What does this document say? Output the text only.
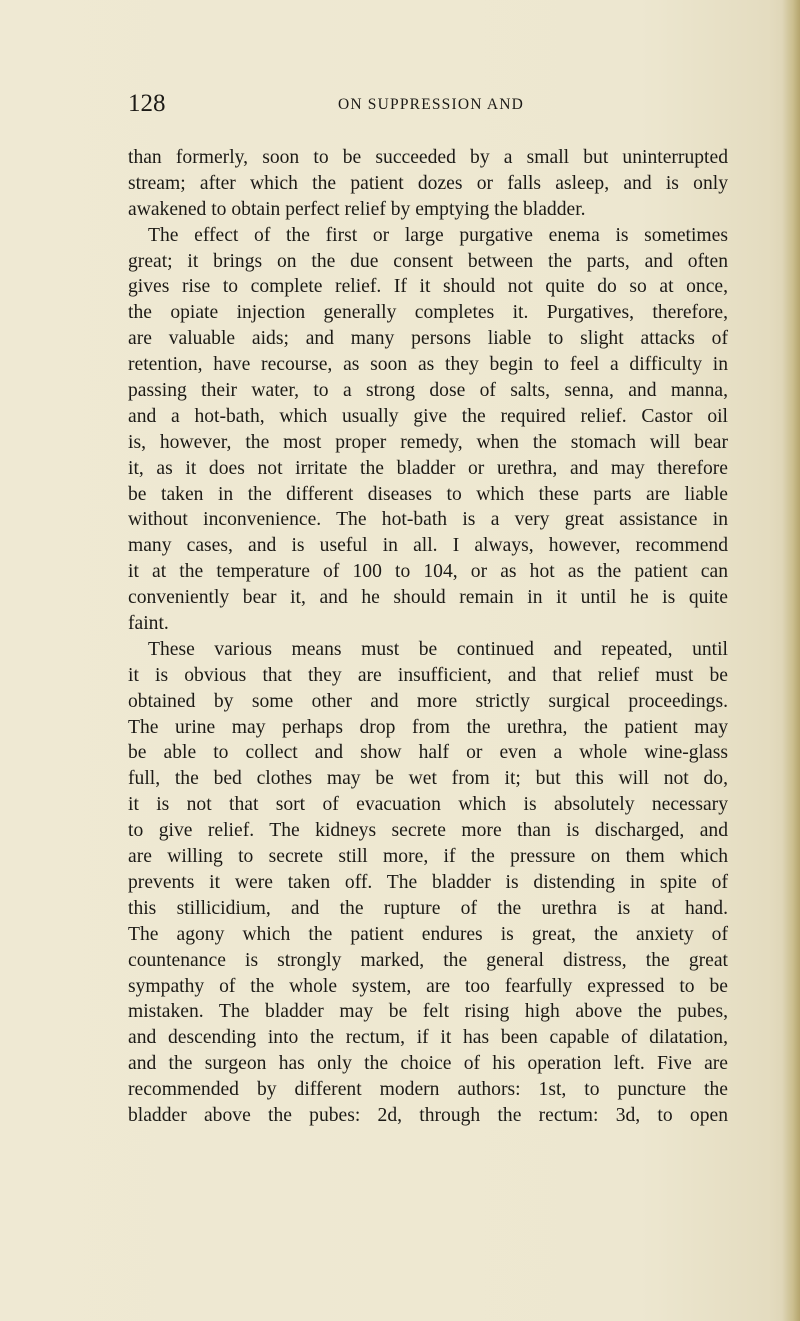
128	ON SUPPRESSION AND
than formerly, soon to be succeeded by a small but uninterrupted
stream; after which the patient dozes or falls asleep, and is only
awakened to obtain perfect relief by emptying the bladder.
The effect of the first or large purgative enema is sometimes
great; it brings on the due consent between the parts, and often
gives rise to complete relief. If it should not quite do so at once,
the opiate injection generally completes it. Purgatives, therefore,
are valuable aids; and many persons liable to slight attacks of
retention, have recourse, as soon as they begin to feel a difficulty in
passing their water, to a strong dose of salts, senna, and manna,
and a hot-bath, which usually give the required relief. Castor oil
is, however, the most proper remedy, when the stomach will bear
it, as it does not irritate the bladder or urethra, and may therefore
be taken in the different diseases to which these parts are liable
without inconvenience. The hot-bath is a very great assistance in
many cases, and is useful in all. I always, however, recommend
it at the temperature of 100 to 104, or as hot as the patient can
conveniently bear it, and he should remain in it until he is quite
faint.
These various means must be continued and repeated, until
it is obvious that they are insufficient, and that relief must be
obtained by some other and more strictly surgical proceedings.
The urine may perhaps drop from the urethra, the patient may
be able to collect and show half or even a whole wine-glass
full, the bed clothes may be wet from it; but this will not do,
it is not that sort of evacuation which is absolutely necessary
to give relief. The kidneys secrete more than is discharged, and
are willing to secrete still more, if the pressure on them which
prevents it were taken off. The bladder is distending in spite of
this stillicidium, and the rupture of the urethra is at hand.
The agony which the patient endures is great, the anxiety of
countenance is strongly marked, the general distress, the great
sympathy of the whole system, are too fearfully expressed to be
mistaken. The bladder may be felt rising high above the pubes,
and descending into the rectum, if it has been capable of dilatation,
and the surgeon has only the choice of his operation left. Five are
recommended by different modern authors: 1st, to puncture the
bladder above the pubes: 2d, through the rectum: 3d, to open
